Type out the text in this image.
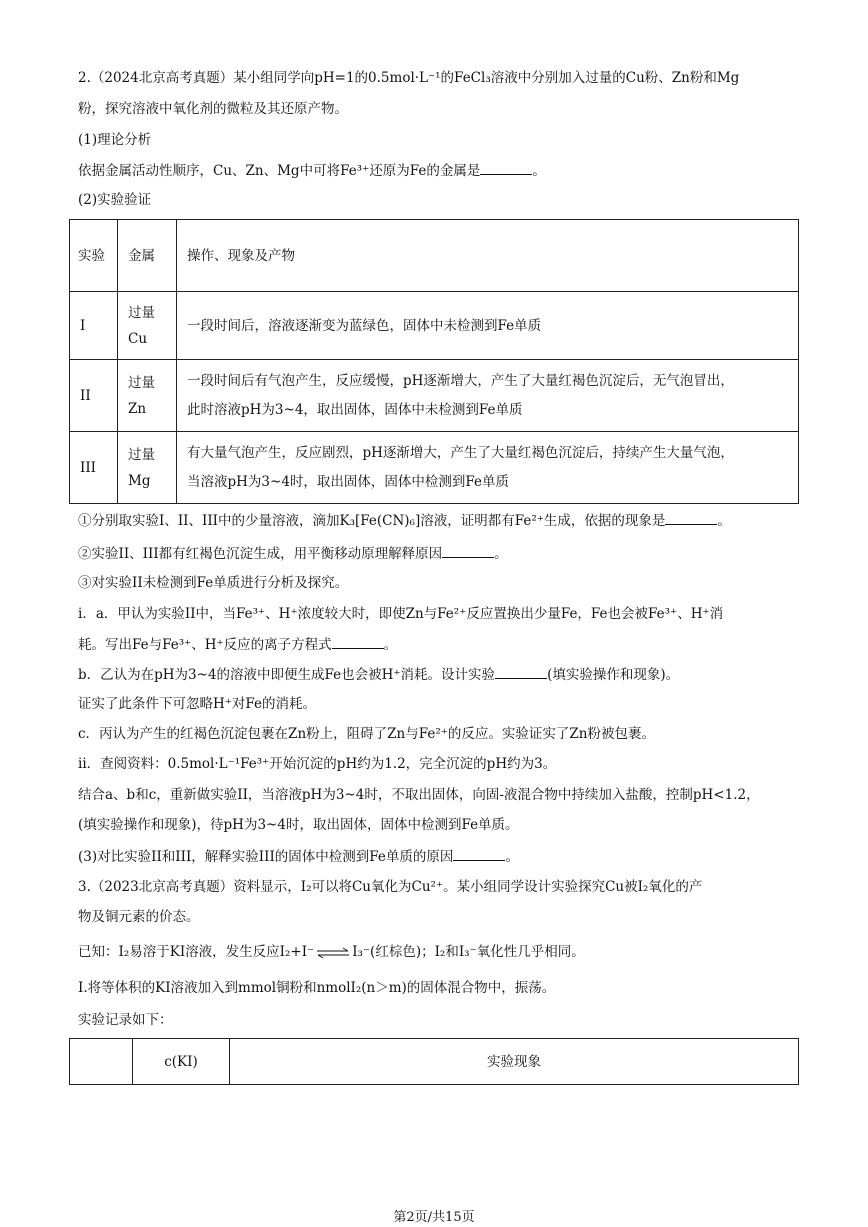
2.（2024北京高考真题）某小组同学向pH=1的0.5mol·L⁻¹的FeCl₃溶液中分别加入过量的Cu粉、Zn粉和Mg
粉，探究溶液中氧化剂的微粒及其还原产物。
(1)理论分析
依据金属活动性顺序，Cu、Zn、Mg中可将Fe³⁺还原为Fe的金属是	。
(2)实验验证
实验	金属	操作、现象及产物
I	过量Cu	一段时间后，溶液逐渐变为蓝绿色，固体中未检测到Fe单质
II	过量Zn	一段时间后有气泡产生，反应缓慢，pH逐渐增大，产生了大量红褐色沉淀后，无气泡冒出，
此时溶液pH为3~4，取出固体，固体中未检测到Fe单质

III	过量Mg	有大量气泡产生，反应剧烈，pH逐渐增大，产生了大量红褐色沉淀后，持续产生大量气泡，
当溶液pH为3~4时，取出固体，固体中检测到Fe单质
①分别取实验I、II、III中的少量溶液，滴加K₃[Fe(CN)₆]溶液，证明都有Fe²⁺生成，依据的现象是	。
②实验II、III都有红褐色沉淀生成，用平衡移动原理解释原因	。
③对实验II未检测到Fe单质进行分析及探究。
i．a．甲认为实验II中，当Fe³⁺、H⁺浓度较大时，即使Zn与Fe²⁺反应置换出少量Fe，Fe也会被Fe³⁺、H⁺消
耗。写出Fe与Fe³⁺、H⁺反应的离子方程式	。
b．乙认为在pH为3~4的溶液中即便生成Fe也会被H⁺消耗。设计实验	(填实验操作和现象)。
证实了此条件下可忽略H⁺对Fe的消耗。
c．丙认为产生的红褐色沉淀包裹在Zn粉上，阻碍了Zn与Fe²⁺的反应。实验证实了Zn粉被包裹。
ii．查阅资料：0.5mol·L⁻¹Fe³⁺开始沉淀的pH约为1.2，完全沉淀的pH约为3。
结合a、b和c，重新做实验II，当溶液pH为3~4时，不取出固体，向固-液混合物中持续加入盐酸，控制pH<1.2，
(填实验操作和现象)，待pH为3~4时，取出固体，固体中检测到Fe单质。
(3)对比实验II和III，解释实验III的固体中检测到Fe单质的原因	。
3.（2023北京高考真题）资料显示，I₂可以将Cu氧化为Cu²⁺。某小组同学设计实验探究Cu被I₂氧化的产
物及铜元素的价态。
已知：I₂易溶于KI溶液，发生反应I₂+I⁻ ⇌ I₃⁻(红棕色)；I₂和I₃⁻氧化性几乎相同。
I.将等体积的KI溶液加入到mmol铜粉和nmolI₂(n＞m)的固体混合物中，振荡。
实验记录如下：
	c(KI)	实验现象
第2页/共15页
